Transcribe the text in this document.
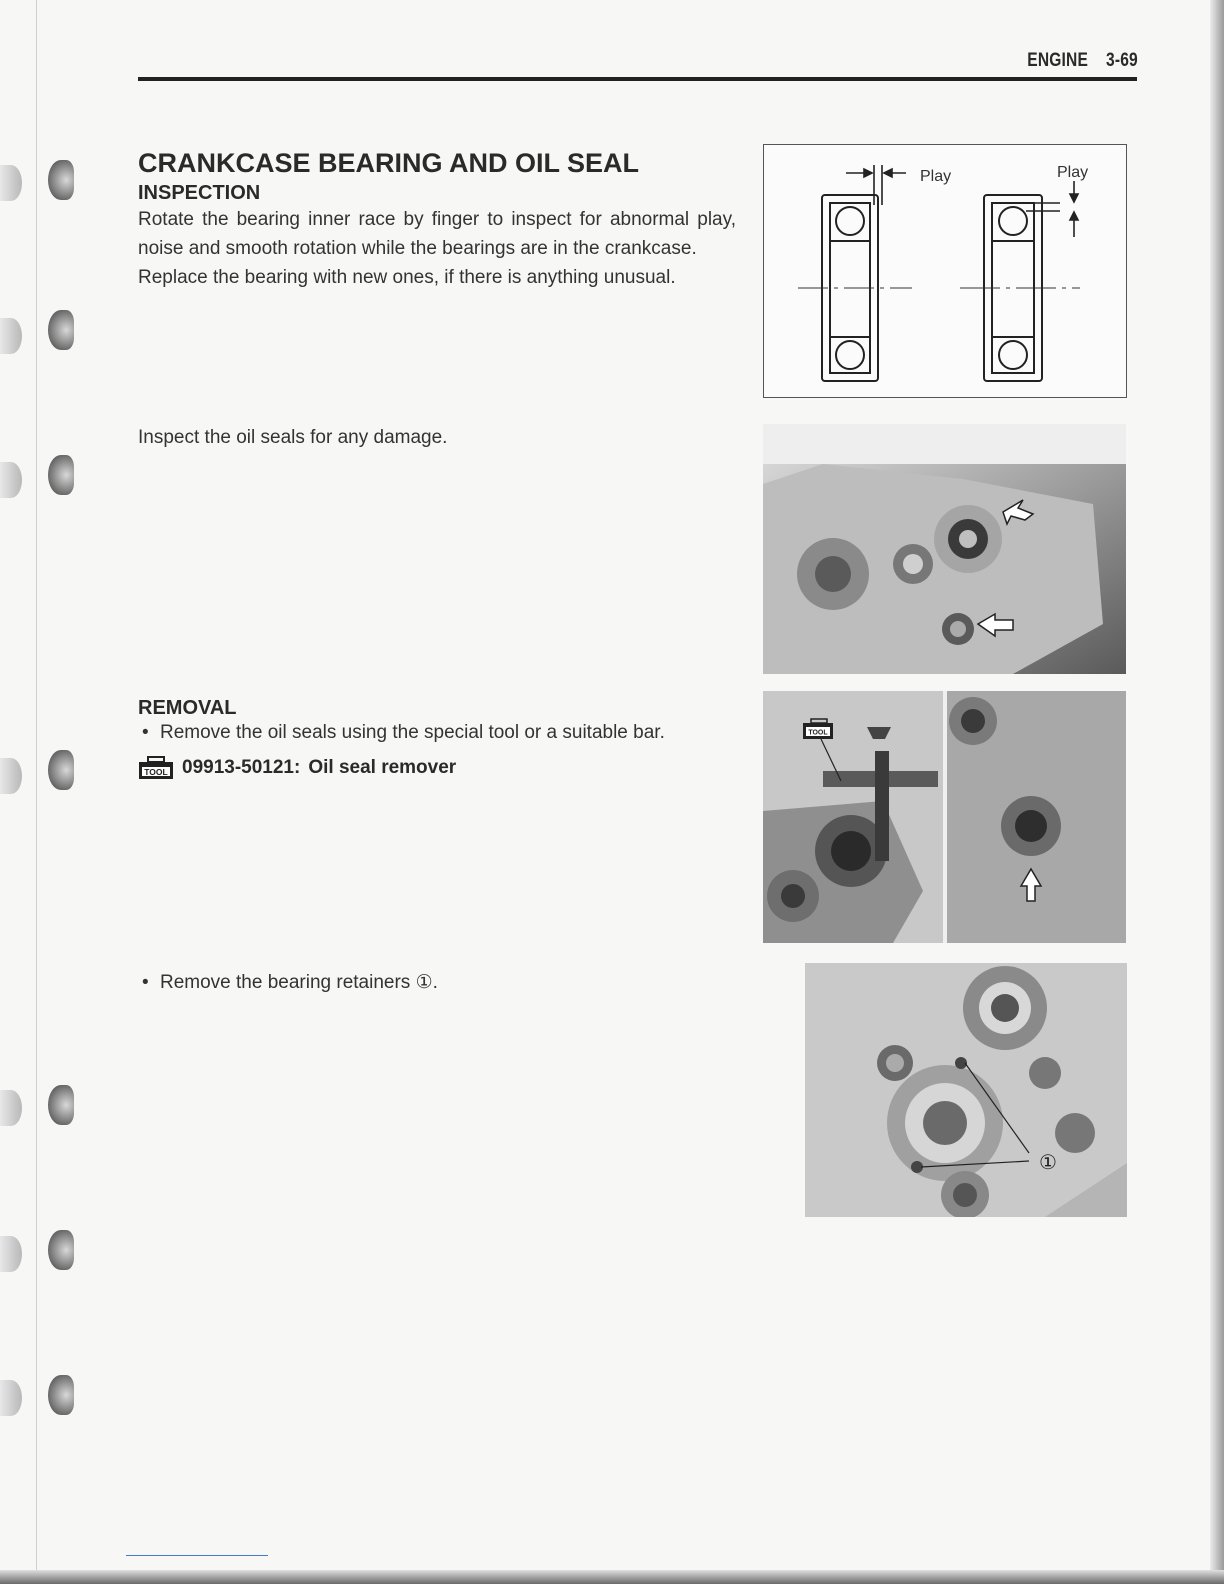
ENGINE 3-69
CRANKCASE BEARING AND OIL SEAL
INSPECTION

Rotate the bearing inner race by finger to inspect for abnormal play, noise and smooth rotation while the bearings are in the crankcase.

Replace the bearing with new ones, if there is anything unusual.

Inspect the oil seals for any damage.
REMOVAL
• Remove the oil seals using the special tool or a suitable bar.
TOOL 09913-50121: Oil seal remover
• Remove the bearing retainers ①.
Play	Play
TOOL
①
